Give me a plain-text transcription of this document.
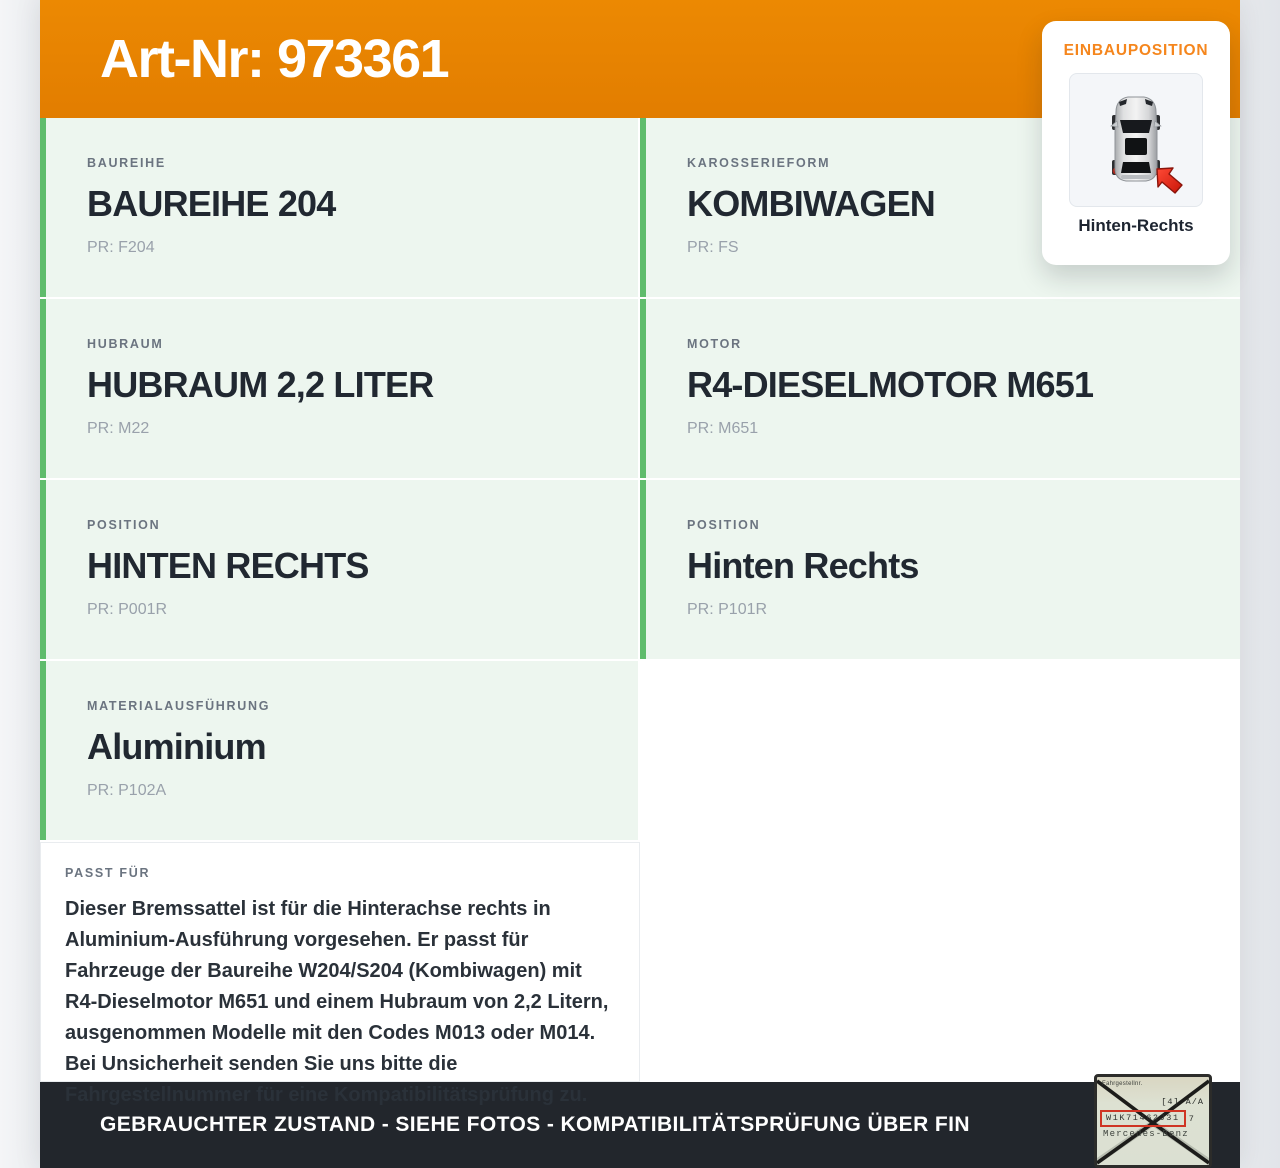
Art-Nr: 973361
BAUREIHE
BAUREIHE 204
PR: F204
KAROSSERIEFORM
KOMBIWAGEN
PR: FS
HUBRAUM
HUBRAUM 2,2 LITER
PR: M22
MOTOR
R4-DIESELMOTOR M651
PR: M651
POSITION
HINTEN RECHTS
PR: P001R
POSITION
Hinten Rechts
PR: P101R
MATERIALAUSFÜHRUNG
Aluminium
PR: P102A
PASST FÜR
Dieser Bremssattel ist für die Hinterachse rechts in Aluminium-Ausführung vorgesehen. Er passt für Fahrzeuge der Baureihe W204/S204 (Kombiwagen) mit R4-Dieselmotor M651 und einem Hubraum von 2,2 Litern, ausgenommen Modelle mit den Codes M013 oder M014. Bei Unsicherheit senden Sie uns bitte die Fahrgestellnummer für eine Kompatibilitätsprüfung zu.
GEBRAUCHTER ZUSTAND - SIEHE FOTOS - KOMPATIBILITÄTSPRÜFUNG ÜBER FIN
EINBAUPOSITION
Hinten-Rechts
Fahrgestellnr.
[4] A/A
W1K71462J31	7
Mercedes-Benz
